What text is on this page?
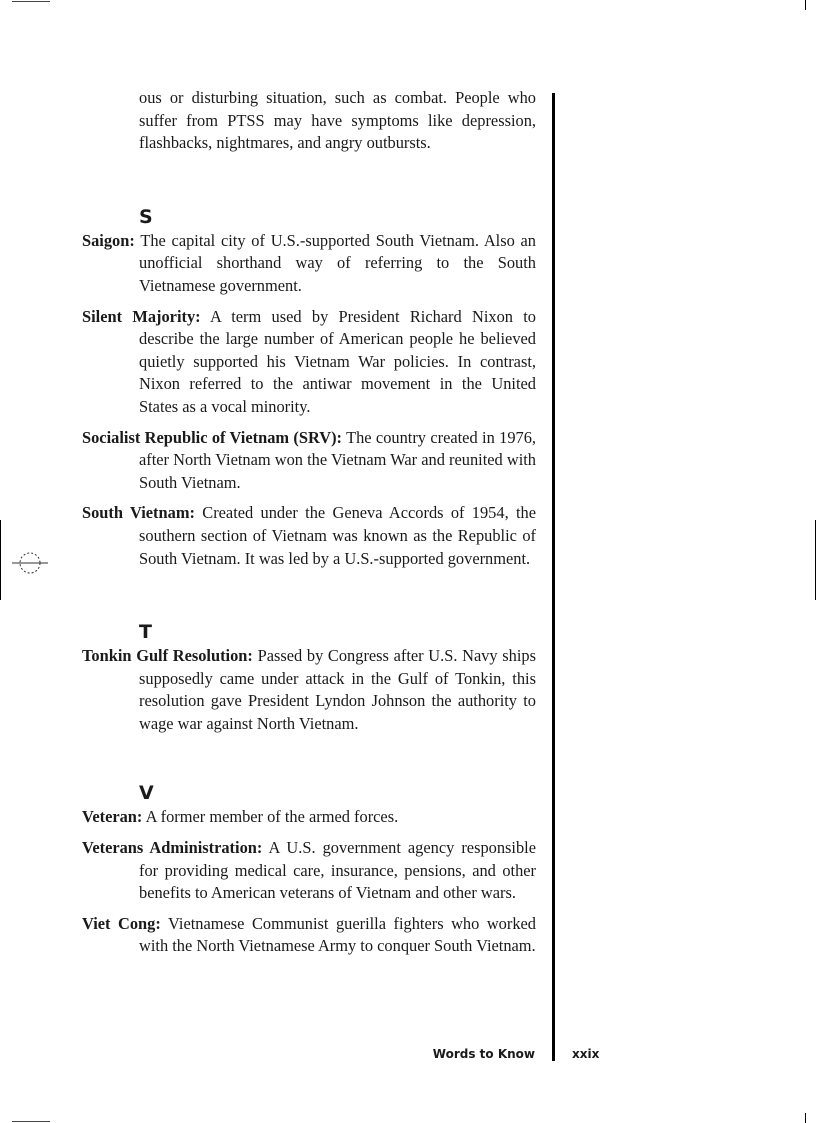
ous or disturbing situation, such as combat. People who suffer from PTSS may have symptoms like depression, flashbacks, nightmares, and angry outbursts.

S

Saigon: The capital city of U.S.-supported South Vietnam. Also an unofficial shorthand way of referring to the South Vietnamese government.

Silent Majority: A term used by President Richard Nixon to describe the large number of American people he believed quietly supported his Vietnam War policies. In contrast, Nixon referred to the antiwar movement in the United States as a vocal minority.

Socialist Republic of Vietnam (SRV): The country created in 1976, after North Vietnam won the Vietnam War and reunited with South Vietnam.

South Vietnam: Created under the Geneva Accords of 1954, the southern section of Vietnam was known as the Republic of South Vietnam. It was led by a U.S.-supported government.

T

Tonkin Gulf Resolution: Passed by Congress after U.S. Navy ships supposedly came under attack in the Gulf of Tonkin, this resolution gave President Lyndon Johnson the authority to wage war against North Vietnam.

V

Veteran: A former member of the armed forces.

Veterans Administration: A U.S. government agency responsible for providing medical care, insurance, pensions, and other benefits to American veterans of Vietnam and other wars.

Viet Cong: Vietnamese Communist guerilla fighters who worked with the North Vietnamese Army to conquer South Vietnam.

Words to Know	xxix
